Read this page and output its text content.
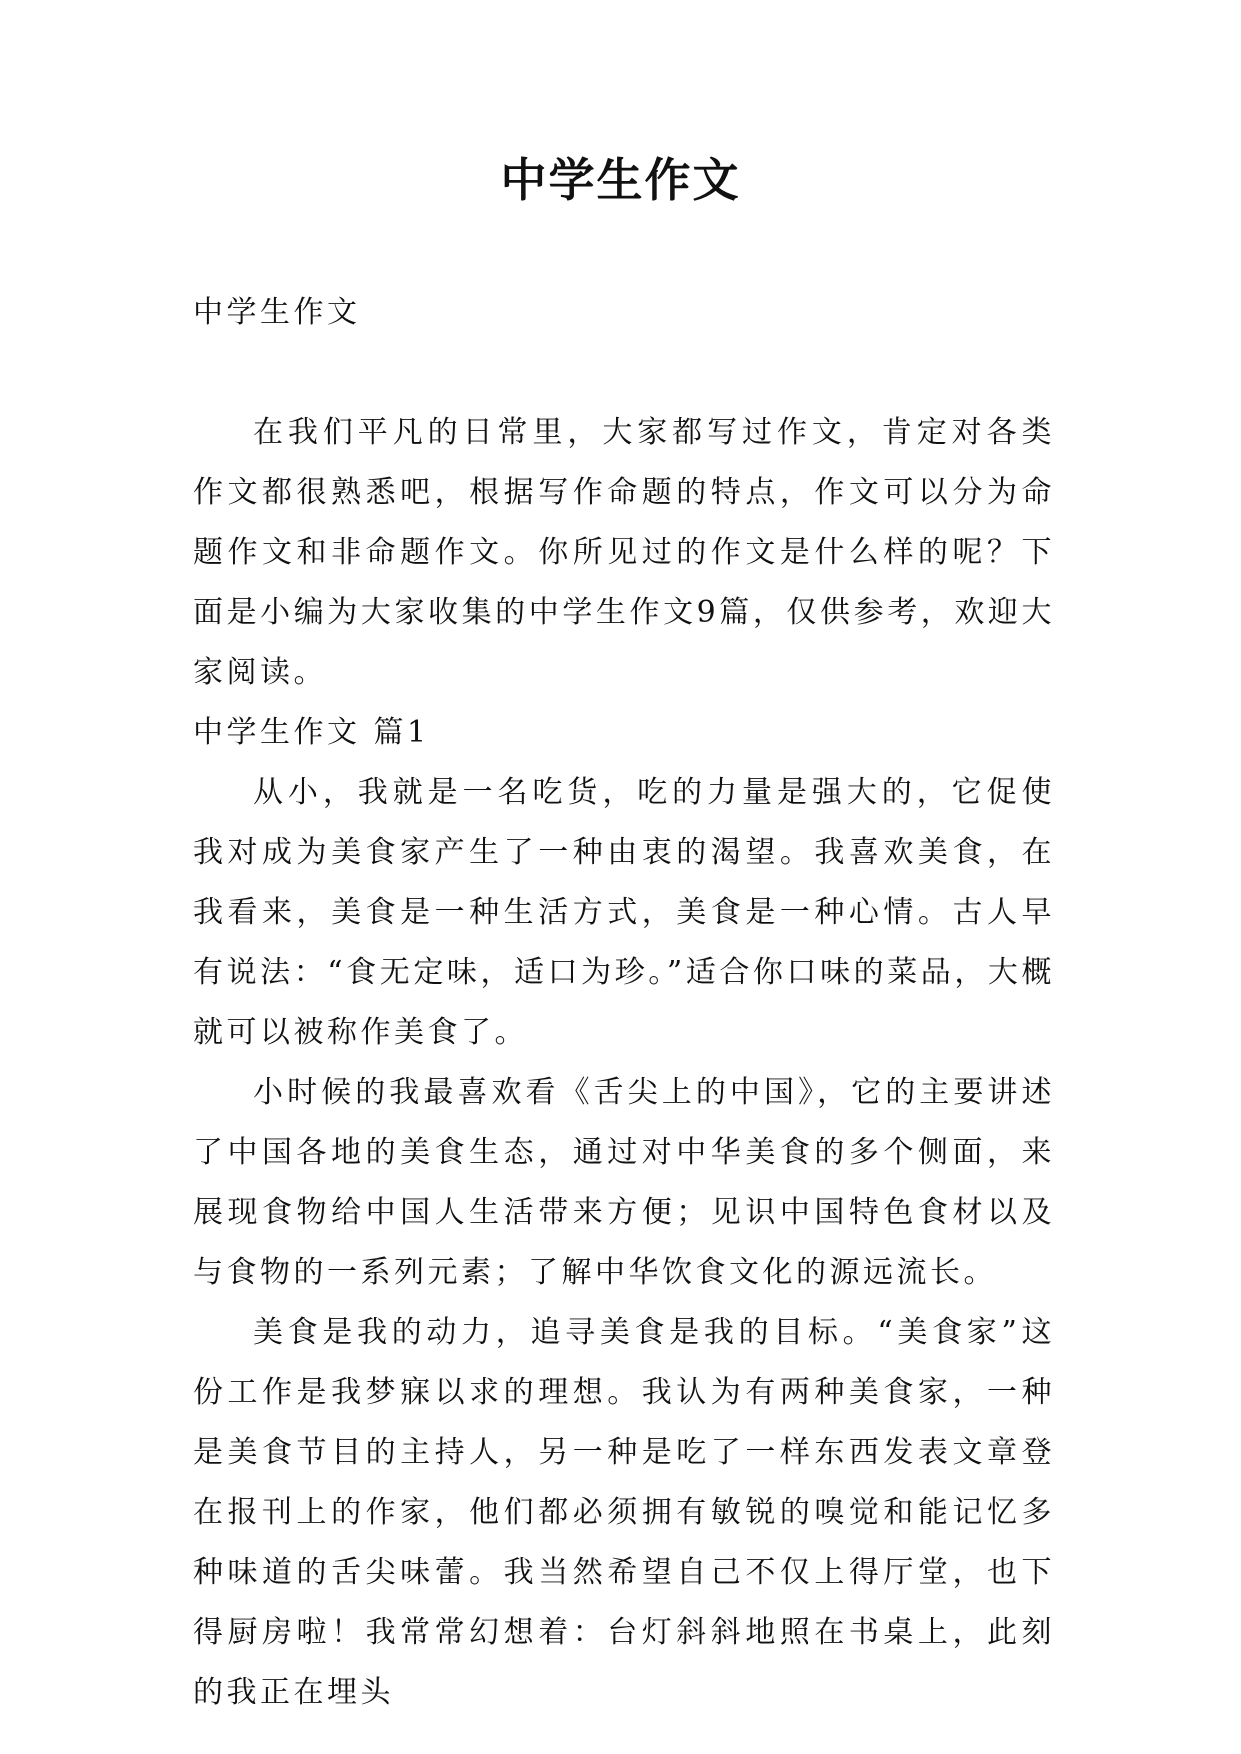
中学生作文

中学生作文

在我们平凡的日常里，大家都写过作文，肯定对各类作文都很熟悉吧，根据写作命题的特点，作文可以分为命题作文和非命题作文。你所见过的作文是什么样的呢？下面是小编为大家收集的中学生作文9篇，仅供参考，欢迎大家阅读。

中学生作文 篇1

从小，我就是一名吃货，吃的力量是强大的，它促使我对成为美食家产生了一种由衷的渴望。我喜欢美食，在我看来，美食是一种生活方式，美食是一种心情。古人早有说法：“食无定味，适口为珍。”适合你口味的菜品，大概就可以被称作美食了。

小时候的我最喜欢看《舌尖上的中国》，它的主要讲述了中国各地的美食生态，通过对中华美食的多个侧面，来展现食物给中国人生活带来方便；见识中国特色食材以及与食物的一系列元素；了解中华饮食文化的源远流长。

美食是我的动力，追寻美食是我的目标。“美食家”这份工作是我梦寐以求的理想。我认为有两种美食家，一种是美食节目的主持人，另一种是吃了一样东西发表文章登在报刊上的作家，他们都必须拥有敏锐的嗅觉和能记忆多种味道的舌尖味蕾。我当然希望自己不仅上得厅堂，也下得厨房啦！我常常幻想着：台灯斜斜地照在书桌上，此刻的我正在埋头
